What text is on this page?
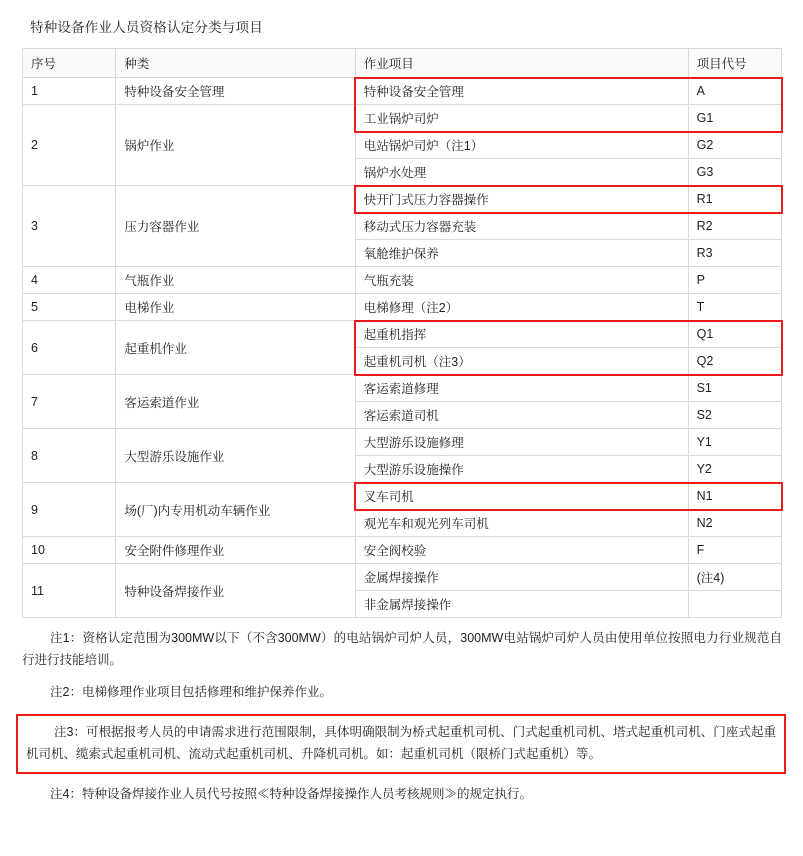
特种设备作业人员资格认定分类与项目
序号	种类	作业项目	项目代号
1	特种设备安全管理	特种设备安全管理	A
2	锅炉作业	工业锅炉司炉	G1
		电站锅炉司炉（注1）	G2
		锅炉水处理	G3
3	压力容器作业	快开门式压力容器操作	R1
		移动式压力容器充装	R2
		氧舱维护保养	R3
4	气瓶作业	气瓶充装	P
5	电梯作业	电梯修理（注2）	T
6	起重机作业	起重机指挥	Q1
		起重机司机（注3）	Q2
7	客运索道作业	客运索道修理	S1
		客运索道司机	S2
8	大型游乐设施作业	大型游乐设施修理	Y1
		大型游乐设施操作	Y2
9	场(厂)内专用机动车辆作业	叉车司机	N1
		观光车和观光列车司机	N2
10	安全附件修理作业	安全阀校验	F
11	特种设备焊接作业	金属焊接操作	(注4)
		非金属焊接操作	
注1：资格认定范围为300MW以下（不含300MW）的电站锅炉司炉人员，300MW电站锅炉司炉人员由使用单位按照电力行业规范自行进行技能培训。
注2：电梯修理作业项目包括修理和维护保养作业。
注3：可根据报考人员的申请需求进行范围限制，具体明确限制为桥式起重机司机、门式起重机司机、塔式起重机司机、门座式起重机司机、缆索式起重机司机、流动式起重机司机、升降机司机。如：起重机司机（限桥门式起重机）等。
注4：特种设备焊接作业人员代号按照≪特种设备焊接操作人员考核规则≫的规定执行。
